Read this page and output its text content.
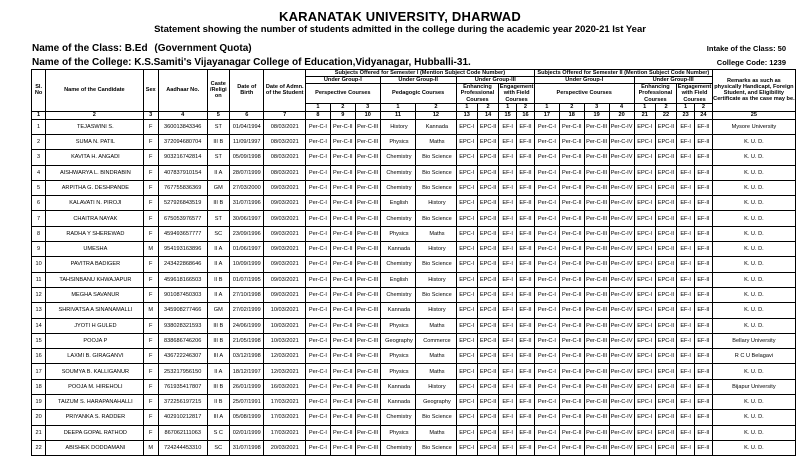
KARANATAK UNIVERSITY, DHARWAD
Statement showing the number of students admitted in the college during the academic year 2020-21 Ist Year
Name of the Class: B.Ed (Government Quota)	Intake of the Class: 50
Name of the College: K.S.Samiti's Vijayanagar College of Education,Vidyanagar, Hubballi-31.	College Code: 1239
Sl. No	Name of the Candidate	Sex	Aadhaar No.	Caste /Religi on	Date of Birth	Date of Admn. of the Student	Subjects Offered for Semester I (Mention Subject Code Number)									Subjects Offered for Semester II (Mention Subject Code Number)								Remarks as such as physically Handicapt, Foreign Student, and Eligibility Certificate as the case may be.
							Under Group-I			Under Group-II		Under Group-III				Under Group-I				Under Group-III				
							Perspective Courses			Pedagogic Courses		Enhancing Professional Courses		Engagement with Field Courses		Perspective Courses				Enhancing Professional Courses		Engagement with Field Courses		

							1	2	3	1	2	1	2	1	2	1	2	3	4	1	2	1	2	
1	2	3	4	5	6	7	8	9	10	11	12	13	14	15	16	17	18	19	20	21	22	23	24	25
1	TEJASWINI S.	F	360013843346	ST	01/04/1994	08/03/2021	Per-C-I	Per-C-II	Per-C-III	History	Kannada	EPC-I	EPC-II	EF-I	EF-II	Per-C-I	Per-C-II	Per-C-III	Per-C-IV	EPC-I	EPC-II	EF-I	EF-II	Mysore University
2	SUMA N. PATIL	F	372094680704	III B	11/09/1997	08/03/2021	Per-C-I	Per-C-II	Per-C-III	Physics	Maths	EPC-I	EPC-II	EF-I	EF-II	Per-C-I	Per-C-II	Per-C-III	Per-C-IV	EPC-I	EPC-II	EF-I	EF-II	K. U. D.
3	KAVITA H. ANGADI	F	903216742814	ST	05/09/1998	08/03/2021	Per-C-I	Per-C-II	Per-C-III	Chemistry	Bio Science	EPC-I	EPC-II	EF-I	EF-II	Per-C-I	Per-C-II	Per-C-III	Per-C-IV	EPC-I	EPC-II	EF-I	EF-II	K. U. D.
4	AISHWARYA L. BINDRABIN	F	407837910154	II A	28/07/1999	08/03/2021	Per-C-I	Per-C-II	Per-C-III	Chemistry	Bio Science	EPC-I	EPC-II	EF-I	EF-II	Per-C-I	Per-C-II	Per-C-III	Per-C-IV	EPC-I	EPC-II	EF-I	EF-II	K. U. D.
5	ARPITHA G. DESHPANDE	F	767755836369	GM	27/03/2000	09/03/2021	Per-C-I	Per-C-II	Per-C-III	Chemistry	Bio Science	EPC-I	EPC-II	EF-I	EF-II	Per-C-I	Per-C-II	Per-C-III	Per-C-IV	EPC-I	EPC-II	EF-I	EF-II	K. U. D.
6	KALAVATI N. PIROJI	F	527926843519	III B	31/07/1996	09/03/2021	Per-C-I	Per-C-II	Per-C-III	English	History	EPC-I	EPC-II	EF-I	EF-II	Per-C-I	Per-C-II	Per-C-III	Per-C-IV	EPC-I	EPC-II	EF-I	EF-II	K. U. D.
7	CHAITRA NAYAK	F	675053976577	ST	30/06/1997	09/03/2021	Per-C-I	Per-C-II	Per-C-III	Chemistry	Bio Science	EPC-I	EPC-II	EF-I	EF-II	Per-C-I	Per-C-II	Per-C-III	Per-C-IV	EPC-I	EPC-II	EF-I	EF-II	K. U. D.
8	RADHA Y SHEREWAD	F	459493657777	SC	23/09/1996	09/03/2021	Per-C-I	Per-C-II	Per-C-III	Physics	Maths	EPC-I	EPC-II	EF-I	EF-II	Per-C-I	Per-C-II	Per-C-III	Per-C-IV	EPC-I	EPC-II	EF-I	EF-II	K. U. D.
9	UMESHA	M	954193163896	II A	01/06/1997	09/03/2021	Per-C-I	Per-C-II	Per-C-III	Kannada	History	EPC-I	EPC-II	EF-I	EF-II	Per-C-I	Per-C-II	Per-C-III	Per-C-IV	EPC-I	EPC-II	EF-I	EF-II	K. U. D.
10	PAVITRA BADIGER	F	243422868646	II A	10/09/1999	09/03/2021	Per-C-I	Per-C-II	Per-C-III	Chemistry	Bio Science	EPC-I	EPC-II	EF-I	EF-II	Per-C-I	Per-C-II	Per-C-III	Per-C-IV	EPC-I	EPC-II	EF-I	EF-II	K. U. D.
11	TAHSINBANU KHWAJAPUR	F	459618166503	II B	01/07/1995	09/03/2021	Per-C-I	Per-C-II	Per-C-III	English	History	EPC-I	EPC-II	EF-I	EF-II	Per-C-I	Per-C-II	Per-C-III	Per-C-IV	EPC-I	EPC-II	EF-I	EF-II	K. U. D.
12	MEGHA SAVANUR	F	901087450303	II A	27/10/1998	09/03/2021	Per-C-I	Per-C-II	Per-C-III	Chemistry	Bio Science	EPC-I	EPC-II	EF-I	EF-II	Per-C-I	Per-C-II	Per-C-III	Per-C-IV	EPC-I	EPC-II	EF-I	EF-II	K. U. D.
13	SHRIVATSA A SINANAMALLI	M	345908277466	GM	27/02/1999	10/03/2021	Per-C-I	Per-C-II	Per-C-III	Kannada	History	EPC-I	EPC-II	EF-I	EF-II	Per-C-I	Per-C-II	Per-C-III	Per-C-IV	EPC-I	EPC-II	EF-I	EF-II	K. U. D.
14	JYOTI H GULED	F	938028321593	III B	24/06/1999	10/03/2021	Per-C-I	Per-C-II	Per-C-III	Physics	Maths	EPC-I	EPC-II	EF-I	EF-II	Per-C-I	Per-C-II	Per-C-III	Per-C-IV	EPC-I	EPC-II	EF-I	EF-II	K. U. D.
15	POOJA P	F	838686746206	III B	21/05/1998	10/03/2021	Per-C-I	Per-C-II	Per-C-III	Geography	Commerce	EPC-I	EPC-II	EF-I	EF-II	Per-C-I	Per-C-II	Per-C-III	Per-C-IV	EPC-I	EPC-II	EF-I	EF-II	Bellary University
16	LAXMI B. GIRAGANVI	F	436722246307	III A	03/12/1998	12/03/2021	Per-C-I	Per-C-II	Per-C-III	Physics	Maths	EPC-I	EPC-II	EF-I	EF-II	Per-C-I	Per-C-II	Per-C-III	Per-C-IV	EPC-I	EPC-II	EF-I	EF-II	R C U Belagavi
17	SOUMYA B. KALLIGANUR	F	253217956150	II A	18/12/1997	12/03/2021	Per-C-I	Per-C-II	Per-C-III	Physics	Maths	EPC-I	EPC-II	EF-I	EF-II	Per-C-I	Per-C-II	Per-C-III	Per-C-IV	EPC-I	EPC-II	EF-I	EF-II	K. U. D.
18	POOJA M. HIREHOLI	F	761935417807	III B	26/01/1999	16/03/2021	Per-C-I	Per-C-II	Per-C-III	Kannada	History	EPC-I	EPC-II	EF-I	EF-II	Per-C-I	Per-C-II	Per-C-III	Per-C-IV	EPC-I	EPC-II	EF-I	EF-II	Bijapur University
19	TAIZUM S. HARAPANAHALLI	F	372256197215	II B	25/07/1991	17/03/2021	Per-C-I	Per-C-II	Per-C-III	Kannada	Geography	EPC-I	EPC-II	EF-I	EF-II	Per-C-I	Per-C-II	Per-C-III	Per-C-IV	EPC-I	EPC-II	EF-I	EF-II	K. U. D.
20	PRIYANKA S. RADDER	F	402910212817	III A	05/08/1999	17/03/2021	Per-C-I	Per-C-II	Per-C-III	Chemistry	Bio Science	EPC-I	EPC-II	EF-I	EF-II	Per-C-I	Per-C-II	Per-C-III	Per-C-IV	EPC-I	EPC-II	EF-I	EF-II	K. U. D.
21	DEEPA GOPAL RATHOD	F	867062111063	S C	02/01/1999	17/03/2021	Per-C-I	Per-C-II	Per-C-III	Physics	Maths	EPC-I	EPC-II	EF-I	EF-II	Per-C-I	Per-C-II	Per-C-III	Per-C-IV	EPC-I	EPC-II	EF-I	EF-II	K. U. D.
22	ABISHEK DODDAMANI	M	724244453310	SC	31/07/1998	20/03/2021	Per-C-I	Per-C-II	Per-C-III	Chemistry	Bio Science	EPC-I	EPC-II	EF-I	EF-II	Per-C-I	Per-C-II	Per-C-III	Per-C-IV	EPC-I	EPC-II	EF-I	EF-II	K. U. D.
